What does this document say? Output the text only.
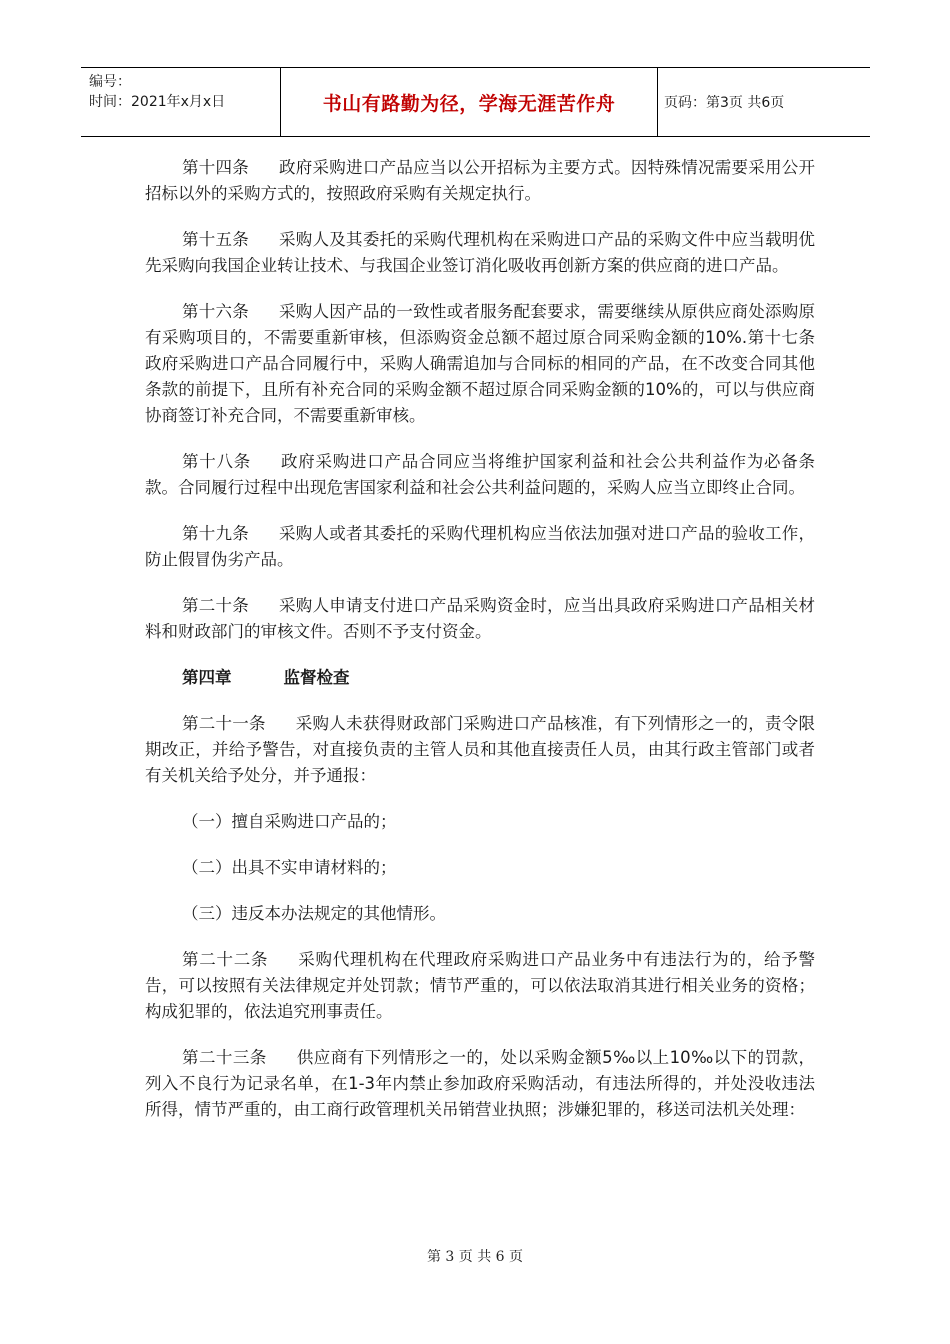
编号：
时间：2021年x月x日	书山有路勤为径，学海无涯苦作舟	页码：第3页 共6页

第十四条 政府采购进口产品应当以公开招标为主要方式。因特殊情况需要采用公开招标以外的采购方式的，按照政府采购有关规定执行。

第十五条 采购人及其委托的采购代理机构在采购进口产品的采购文件中应当载明优先采购向我国企业转让技术、与我国企业签订消化吸收再创新方案的供应商的进口产品。

第十六条 采购人因产品的一致性或者服务配套要求，需要继续从原供应商处添购原有采购项目的，不需要重新审核，但添购资金总额不超过原合同采购金额的10%.第十七条　 政府采购进口产品合同履行中，采购人确需追加与合同标的相同的产品，在不改变合同其他条款的前提下，且所有补充合同的采购金额不超过原合同采购金额的10%的，可以与供应商协商签订补充合同，不需要重新审核。

第十八条 政府采购进口产品合同应当将维护国家利益和社会公共利益作为必备条款。合同履行过程中出现危害国家利益和社会公共利益问题的，采购人应当立即终止合同。

第十九条 采购人或者其委托的采购代理机构应当依法加强对进口产品的验收工作，防止假冒伪劣产品。

第二十条 采购人申请支付进口产品采购资金时，应当出具政府采购进口产品相关材料和财政部门的审核文件。否则不予支付资金。

第四章	监督检查

第二十一条 采购人未获得财政部门采购进口产品核准，有下列情形之一的，责令限期改正，并给予警告，对直接负责的主管人员和其他直接责任人员，由其行政主管部门或者有关机关给予处分，并予通报：

（一）擅自采购进口产品的；

（二）出具不实申请材料的；

（三）违反本办法规定的其他情形。

第二十二条 采购代理机构在代理政府采购进口产品业务中有违法行为的，给予警告，可以按照有关法律规定并处罚款；情节严重的，可以依法取消其进行相关业务的资格；构成犯罪的，依法追究刑事责任。

第二十三条 供应商有下列情形之一的，处以采购金额5‰以上10‰以下的罚款，列入不良行为记录名单，在1-3年内禁止参加政府采购活动，有违法所得的，并处没收违法所得，情节严重的，由工商行政管理机关吊销营业执照；涉嫌犯罪的，移送司法机关处理：

第 3 页 共 6 页
